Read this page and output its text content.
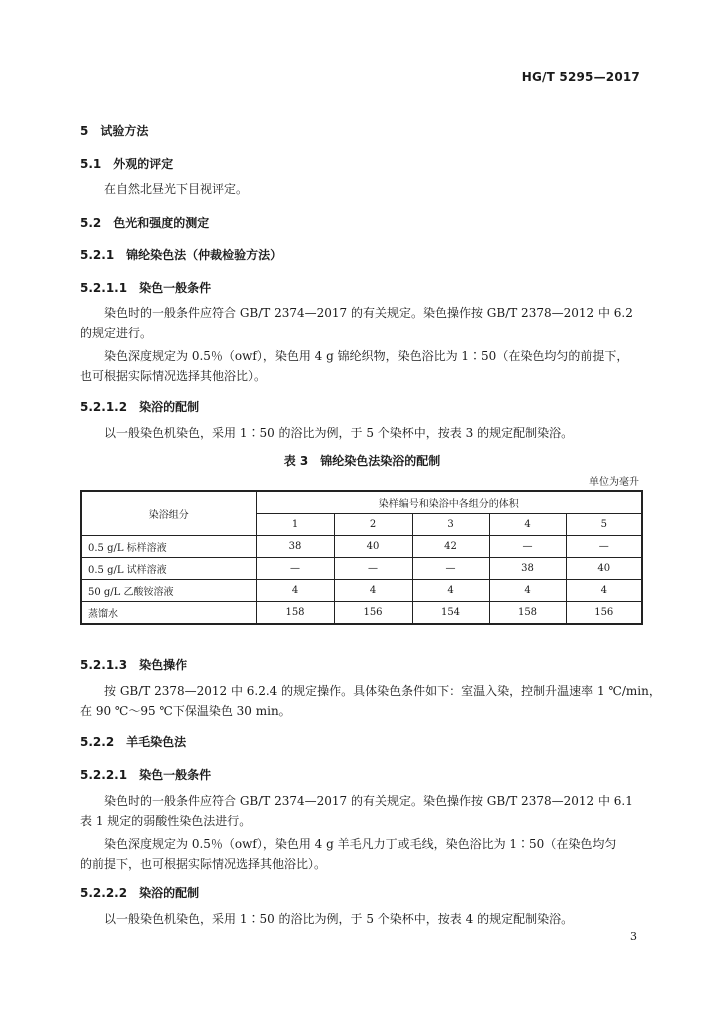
HG/T 5295—2017
5 试验方法
5.1 外观的评定
在自然北昼光下目视评定。
5.2 色光和强度的测定
5.2.1 锦纶染色法（仲裁检验方法）
5.2.1.1 染色一般条件
染色时的一般条件应符合 GB/T 2374—2017 的有关规定。染色操作按 GB/T 2378—2012 中 6.2
的规定进行。
染色深度规定为 0.5％（owf），染色用 4 g 锦纶织物，染色浴比为 1∶50（在染色均匀的前提下，
也可根据实际情况选择其他浴比）。
5.2.1.2 染浴的配制
以一般染色机染色，采用 1∶50 的浴比为例，于 5 个染杯中，按表 3 的规定配制染浴。
表 3　锦纶染色法染浴的配制
单位为毫升
染浴组分	染样编号和染浴中各组分的体积				
	1	2	3	4	5
0.5 g/L 标样溶液	38	40	42	—	—
0.5 g/L 试样溶液	—	—	—	38	40
50 g/L 乙酸铵溶液	4	4	4	4	4
蒸馏水	158	156	154	158	156
5.2.1.3 染色操作
按 GB/T 2378—2012 中 6.2.4 的规定操作。具体染色条件如下：室温入染，控制升温速率 1 ℃/min，
在 90 ℃～95 ℃下保温染色 30 min。
5.2.2 羊毛染色法
5.2.2.1 染色一般条件
染色时的一般条件应符合 GB/T 2374—2017 的有关规定。染色操作按 GB/T 2378—2012 中 6.1
表 1 规定的弱酸性染色法进行。
染色深度规定为 0.5％（owf），染色用 4 g 羊毛凡力丁或毛线，染色浴比为 1∶50（在染色均匀
的前提下，也可根据实际情况选择其他浴比）。
5.2.2.2 染浴的配制
以一般染色机染色，采用 1∶50 的浴比为例，于 5 个染杯中，按表 4 的规定配制染浴。
3
